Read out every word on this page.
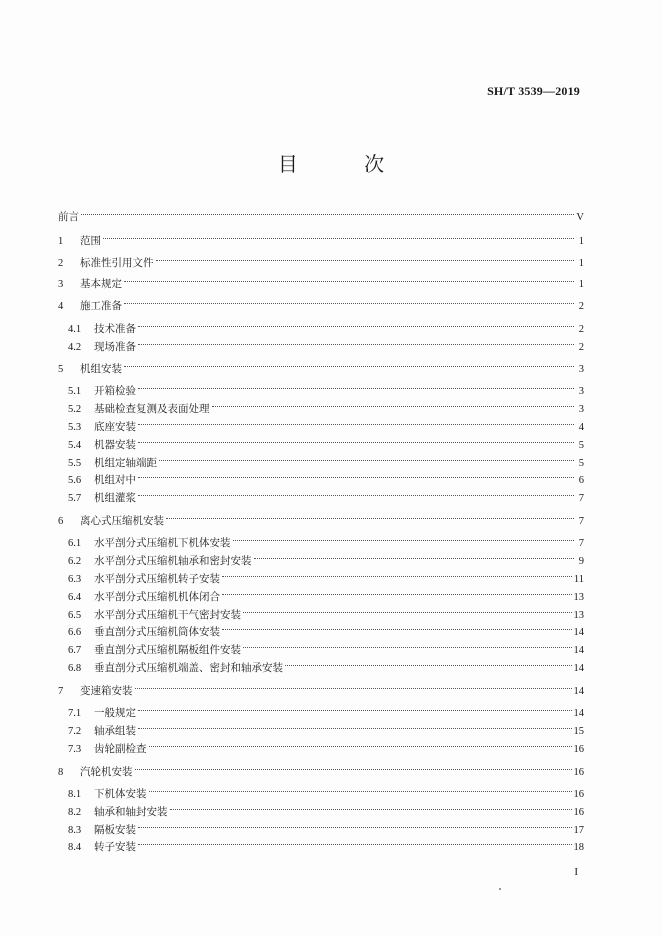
SH/T 3539—2019
目 次
前言	V
1	范围	1
2	标准性引用文件	1
3	基本规定	1
4	施工准备	2
4.1	技术准备	2
4.2	现场准备	2
5	机组安装	3
5.1	开箱检验	3
5.2	基础检查复测及表面处理	3
5.3	底座安装	4
5.4	机器安装	5
5.5	机组定轴端距	5
5.6	机组对中	6
5.7	机组灌浆	7
6	离心式压缩机安装	7
6.1	水平剖分式压缩机下机体安装	7
6.2	水平剖分式压缩机轴承和密封安装	9
6.3	水平剖分式压缩机转子安装	11
6.4	水平剖分式压缩机机体闭合	13
6.5	水平剖分式压缩机干气密封安装	13
6.6	垂直剖分式压缩机筒体安装	14
6.7	垂直剖分式压缩机隔板组件安装	14
6.8	垂直剖分式压缩机端盖、密封和轴承安装	14
7	变速箱安装	14
7.1	一般规定	14
7.2	轴承组装	15
7.3	齿轮副检查	16
8	汽轮机安装	16
8.1	下机体安装	16
8.2	轴承和轴封安装	16
8.3	隔板安装	17
8.4	转子安装	18
I
